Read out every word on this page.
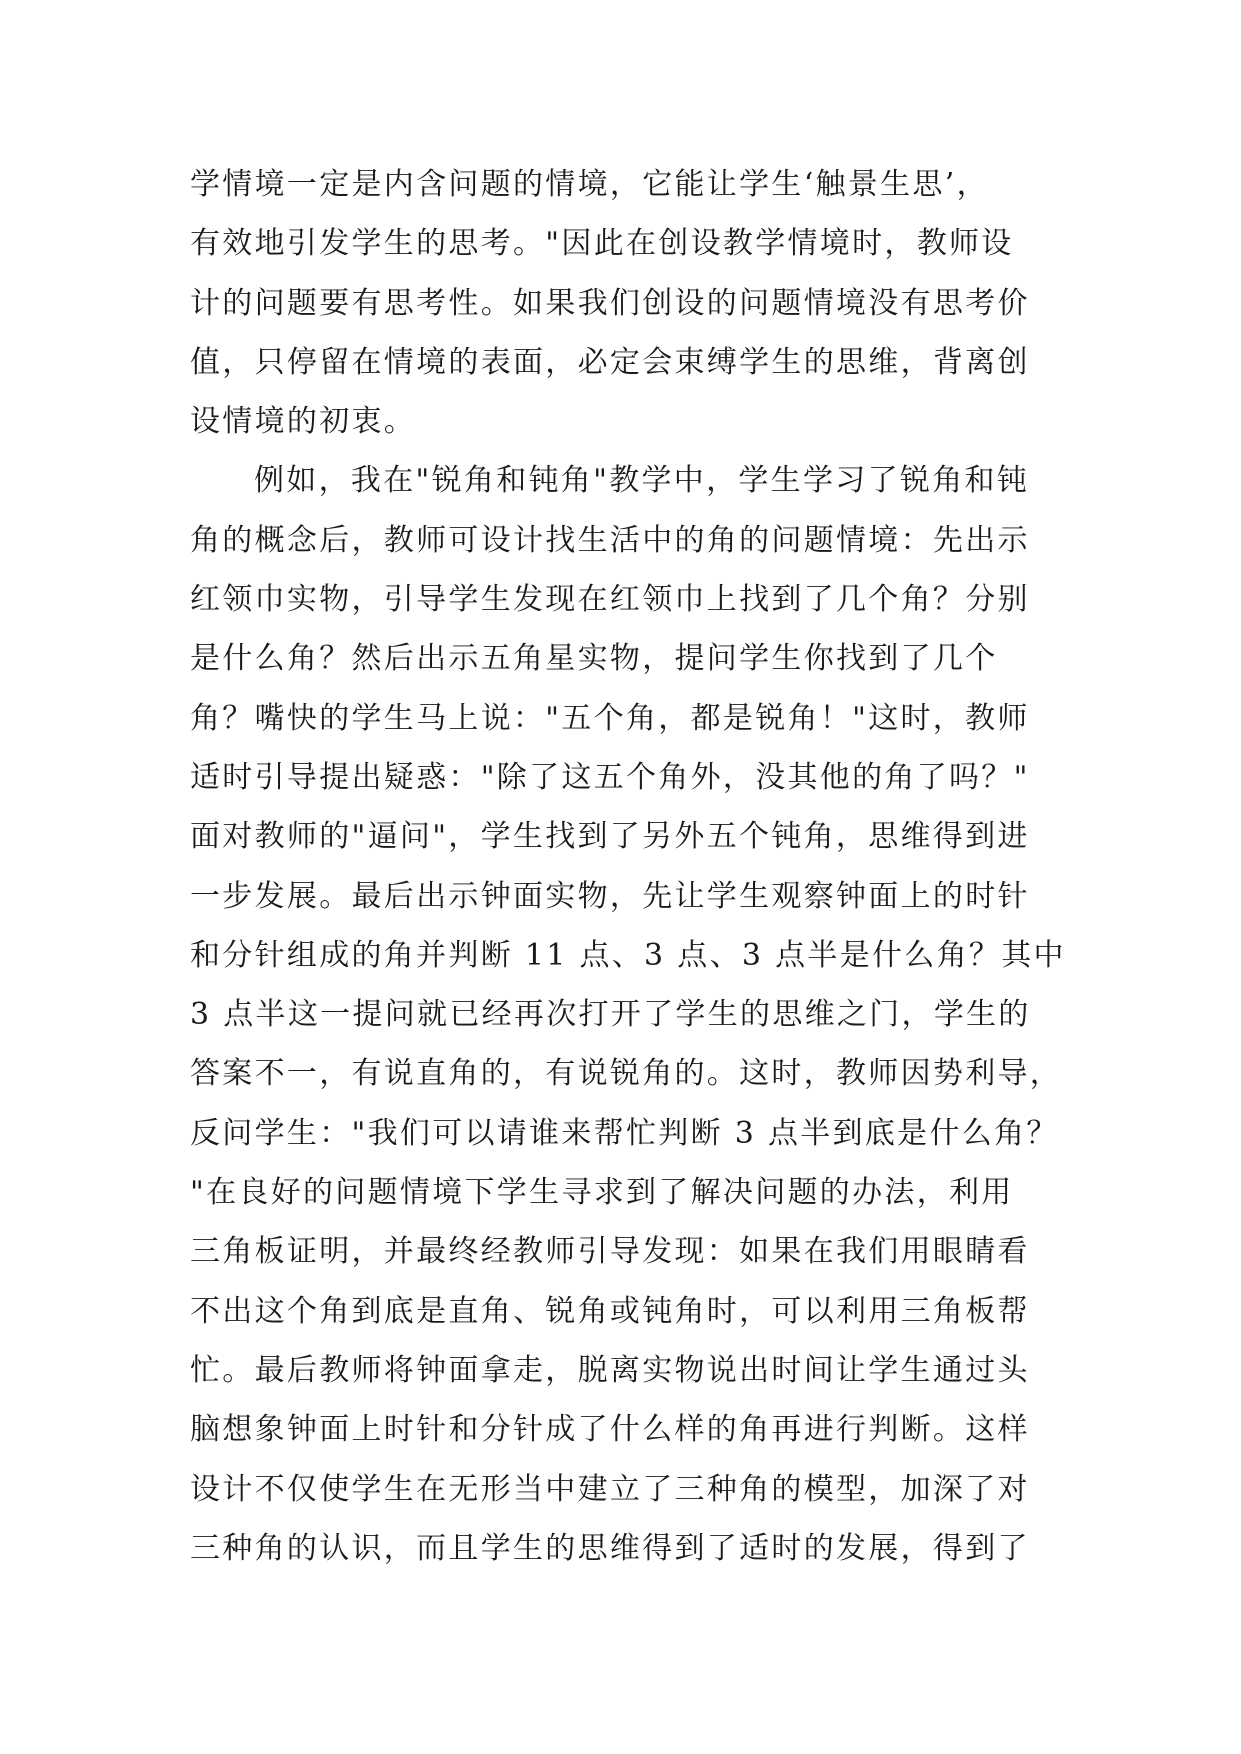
学情境一定是内含问题的情境，它能让学生‘触景生思’，
有效地引发学生的思考。"因此在创设教学情境时，教师设
计的问题要有思考性。如果我们创设的问题情境没有思考价
值，只停留在情境的表面，必定会束缚学生的思维，背离创
设情境的初衷。
例如，我在"锐角和钝角"教学中，学生学习了锐角和钝
角的概念后，教师可设计找生活中的角的问题情境：先出示
红领巾实物，引导学生发现在红领巾上找到了几个角？分别
是什么角？然后出示五角星实物，提问学生你找到了几个
角？嘴快的学生马上说："五个角，都是锐角！"这时，教师
适时引导提出疑惑："除了这五个角外，没其他的角了吗？"
面对教师的"逼问"，学生找到了另外五个钝角，思维得到进
一步发展。最后出示钟面实物，先让学生观察钟面上的时针
和分针组成的角并判断 11 点、3 点、3 点半是什么角？其中
3 点半这一提问就已经再次打开了学生的思维之门，学生的
答案不一，有说直角的，有说锐角的。这时，教师因势利导，
反问学生："我们可以请谁来帮忙判断 3 点半到底是什么角？
"在良好的问题情境下学生寻求到了解决问题的办法，利用
三角板证明，并最终经教师引导发现：如果在我们用眼睛看
不出这个角到底是直角、锐角或钝角时，可以利用三角板帮
忙。最后教师将钟面拿走，脱离实物说出时间让学生通过头
脑想象钟面上时针和分针成了什么样的角再进行判断。这样
设计不仅使学生在无形当中建立了三种角的模型，加深了对
三种角的认识，而且学生的思维得到了适时的发展，得到了
